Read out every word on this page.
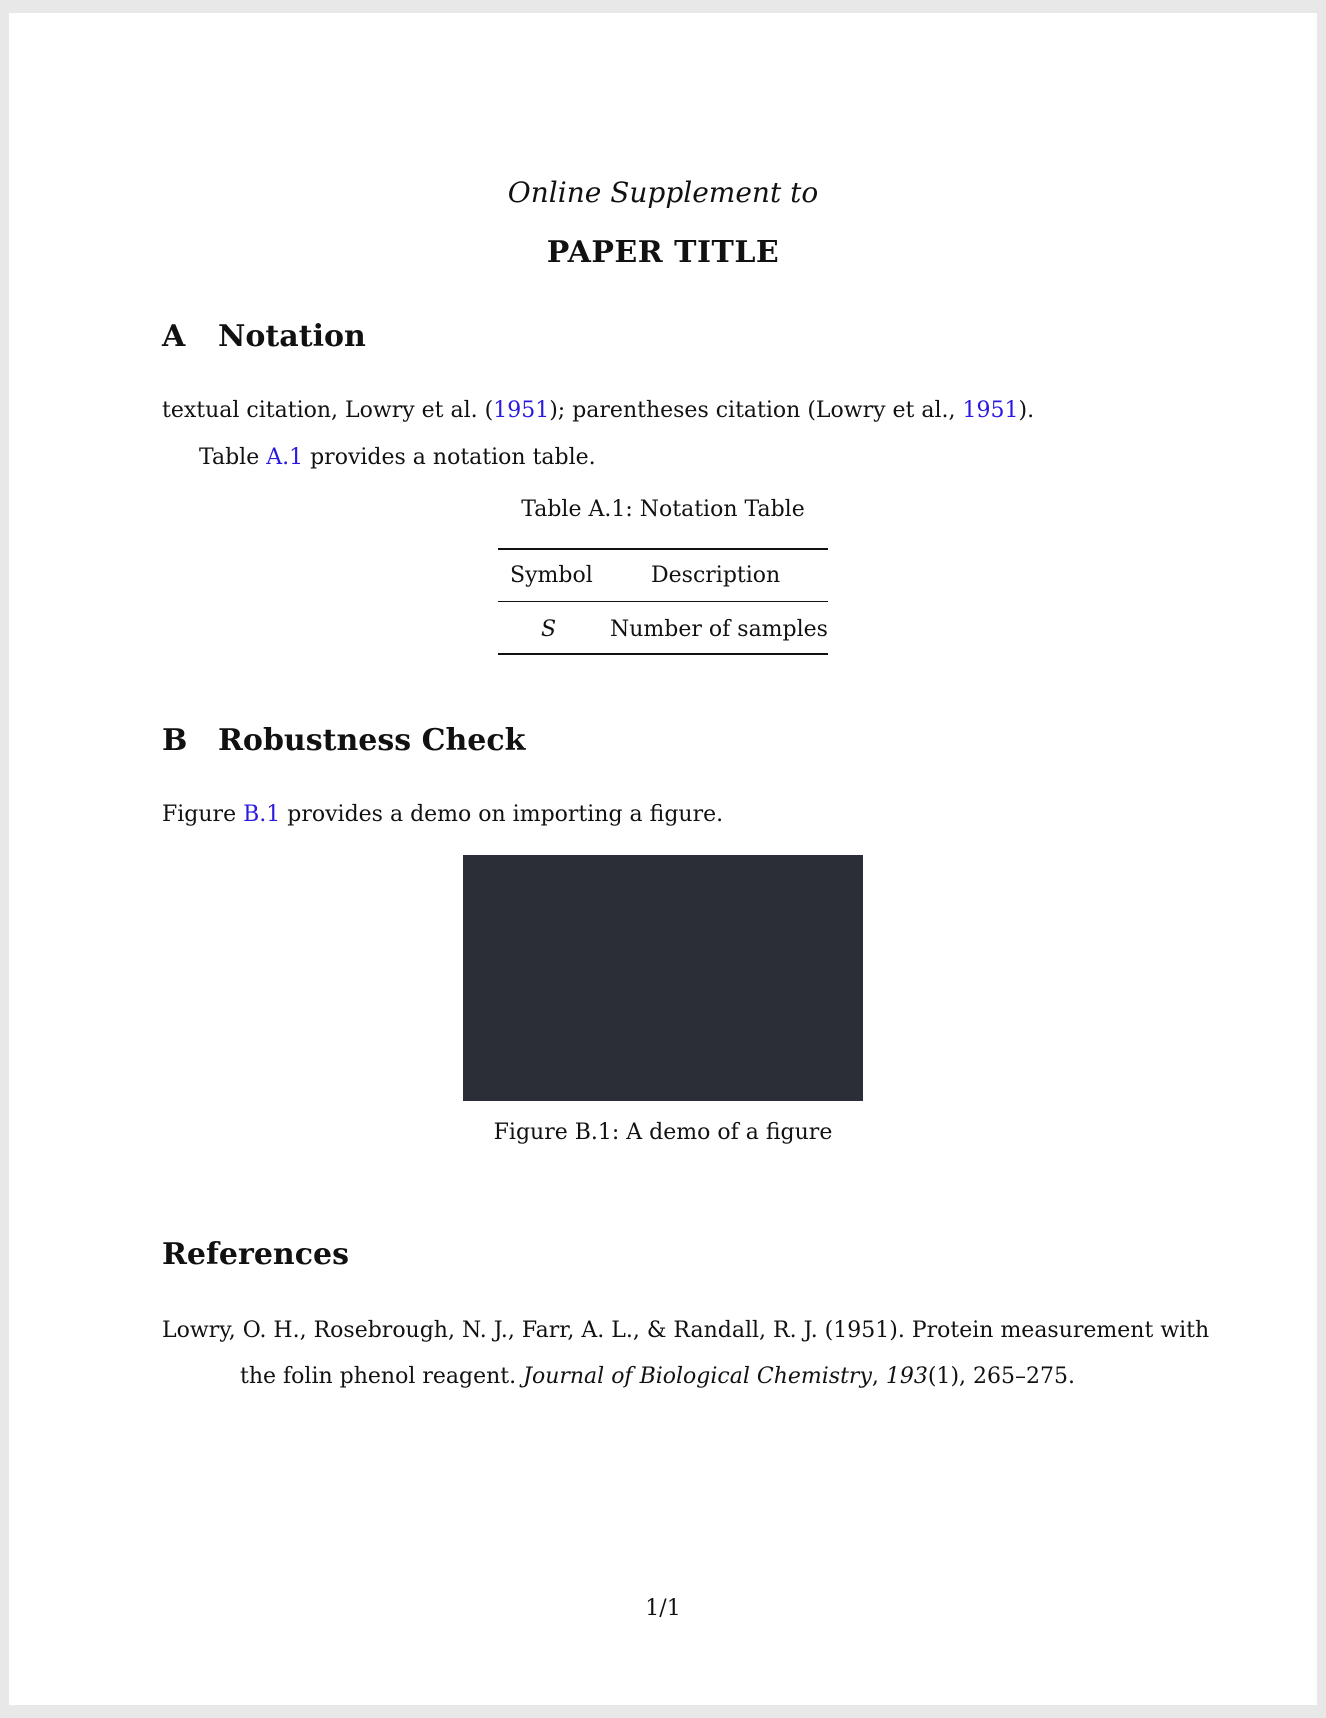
Online Supplement to
PAPER TITLE
A Notation
textual citation, Lowry et al. (1951); parentheses citation (Lowry et al., 1951).
Table A.1 provides a notation table.
Table A.1: Notation Table
Symbol	Description
S Number of samples
B Robustness Check
Figure B.1 provides a demo on importing a figure.
Figure B.1: A demo of a figure
References
Lowry, O. H., Rosebrough, N. J., Farr, A. L., & Randall, R. J. (1951). Protein measurement with
the folin phenol reagent. Journal of Biological Chemistry, 193(1), 265–275.
1/1
